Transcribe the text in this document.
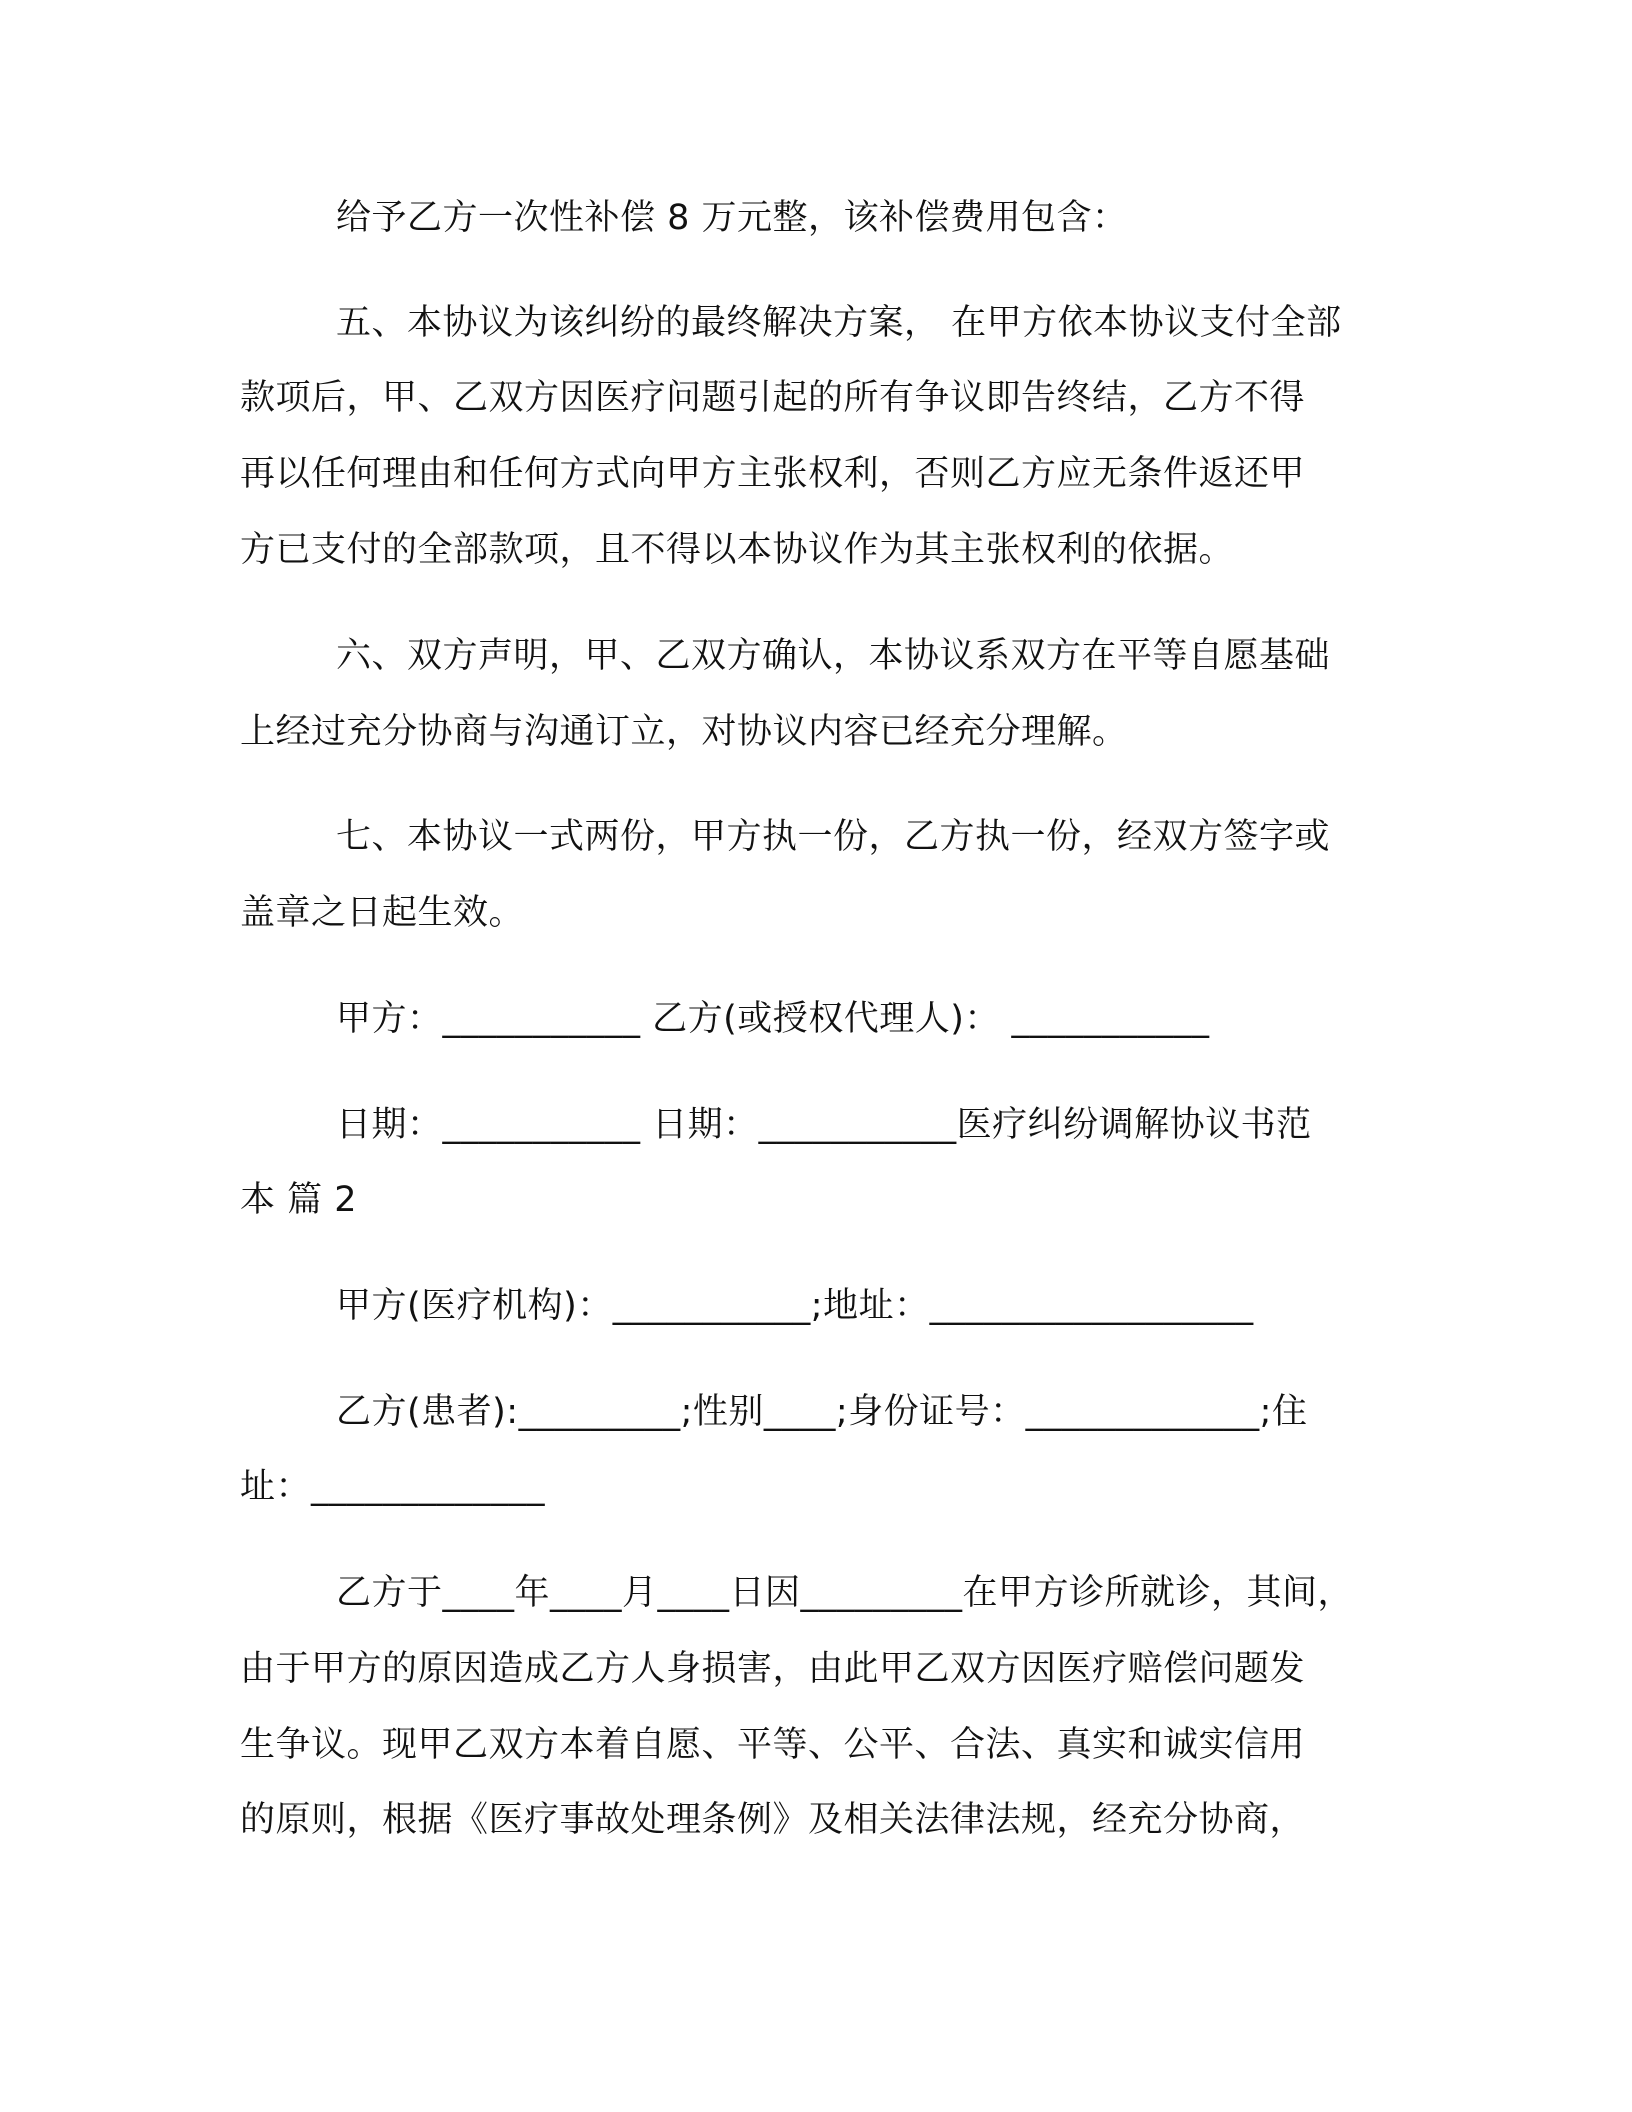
给予乙方一次性补偿 8 万元整，该补偿费用包含：
五、本协议为该纠纷的最终解决方案， 在甲方依本协议支付全部
款项后，甲、乙双方因医疗问题引起的所有争议即告终结，乙方不得
再以任何理由和任何方式向甲方主张权利，否则乙方应无条件返还甲
方已支付的全部款项，且不得以本协议作为其主张权利的依据。
六、双方声明，甲、乙双方确认，本协议系双方在平等自愿基础
上经过充分协商与沟通订立，对协议内容已经充分理解。
七、本协议一式两份，甲方执一份，乙方执一份，经双方签字或
盖章之日起生效。
甲方：___________ 乙方(或授权代理人)： ___________
日期：___________ 日期：___________医疗纠纷调解协议书范
本 篇 2
甲方(医疗机构)：___________;地址：__________________
乙方(患者):_________;性别____;身份证号：_____________;住
址：_____________
乙方于____年____月____日因_________在甲方诊所就诊，其间，
由于甲方的原因造成乙方人身损害，由此甲乙双方因医疗赔偿问题发
生争议。现甲乙双方本着自愿、平等、公平、合法、真实和诚实信用
的原则，根据《医疗事故处理条例》及相关法律法规，经充分协商，
